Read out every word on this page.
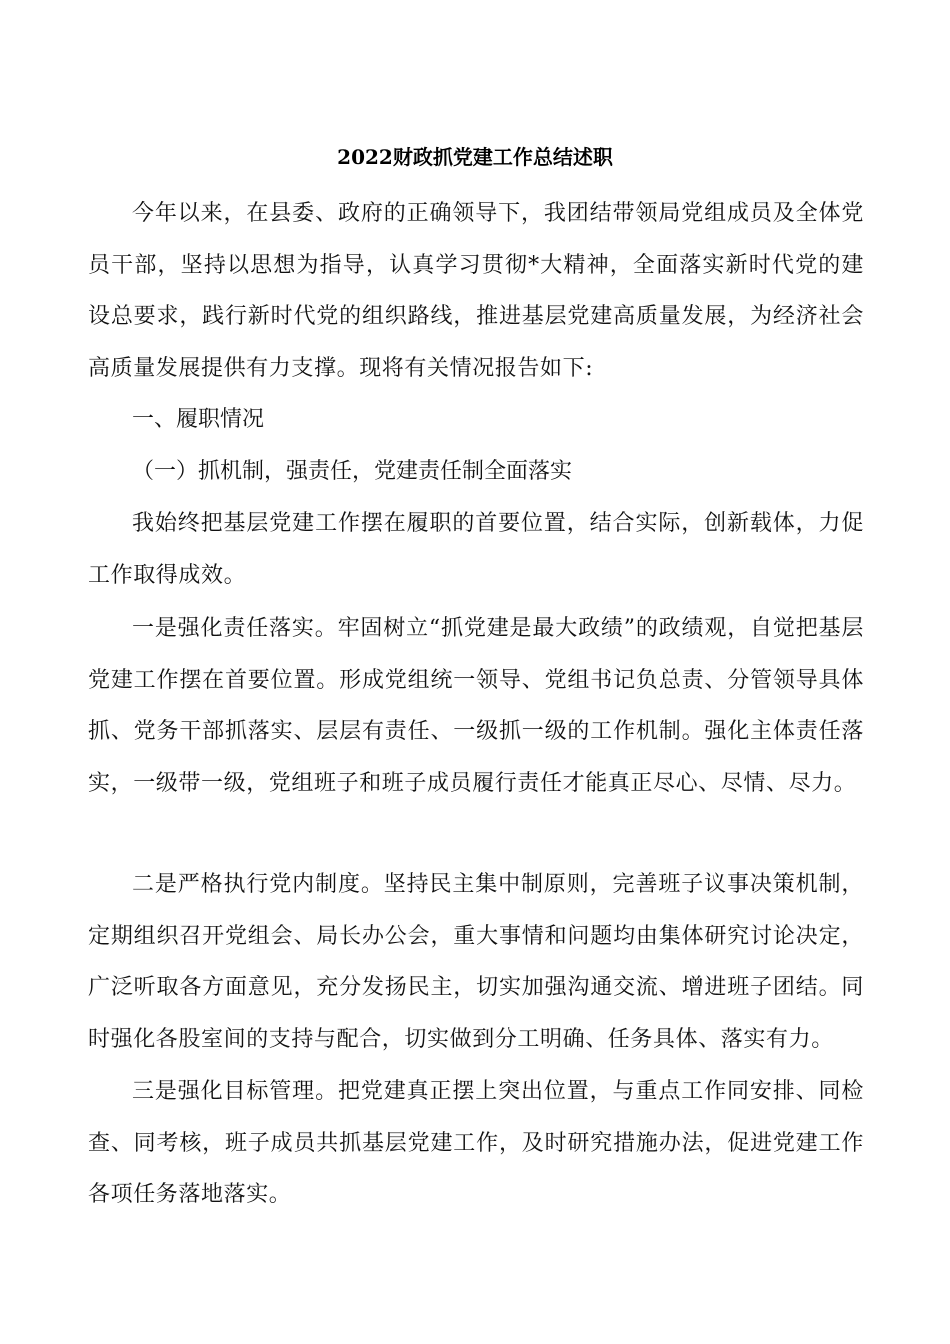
2022财政抓党建工作总结述职

今年以来，在县委、政府的正确领导下，我团结带领局党组成员及全体党员干部，坚持以思想为指导，认真学习贯彻*大精神，全面落实新时代党的建设总要求，践行新时代党的组织路线，推进基层党建高质量发展，为经济社会高质量发展提供有力支撑。现将有关情况报告如下:

一、履职情况

（一）抓机制，强责任，党建责任制全面落实

我始终把基层党建工作摆在履职的首要位置，结合实际，创新载体，力促工作取得成效。

一是强化责任落实。牢固树立“抓党建是最大政绩”的政绩观，自觉把基层党建工作摆在首要位置。形成党组统一领导、党组书记负总责、分管领导具体抓、党务干部抓落实、层层有责任、一级抓一级的工作机制。强化主体责任落实，一级带一级，党组班子和班子成员履行责任才能真正尽心、尽情、尽力。

二是严格执行党内制度。坚持民主集中制原则，完善班子议事决策机制，定期组织召开党组会、局长办公会，重大事情和问题均由集体研究讨论决定，广泛听取各方面意见，充分发扬民主，切实加强沟通交流、增进班子团结。同时强化各股室间的支持与配合，切实做到分工明确、任务具体、落实有力。

三是强化目标管理。把党建真正摆上突出位置，与重点工作同安排、同检查、同考核，班子成员共抓基层党建工作，及时研究措施办法，促进党建工作各项任务落地落实。
